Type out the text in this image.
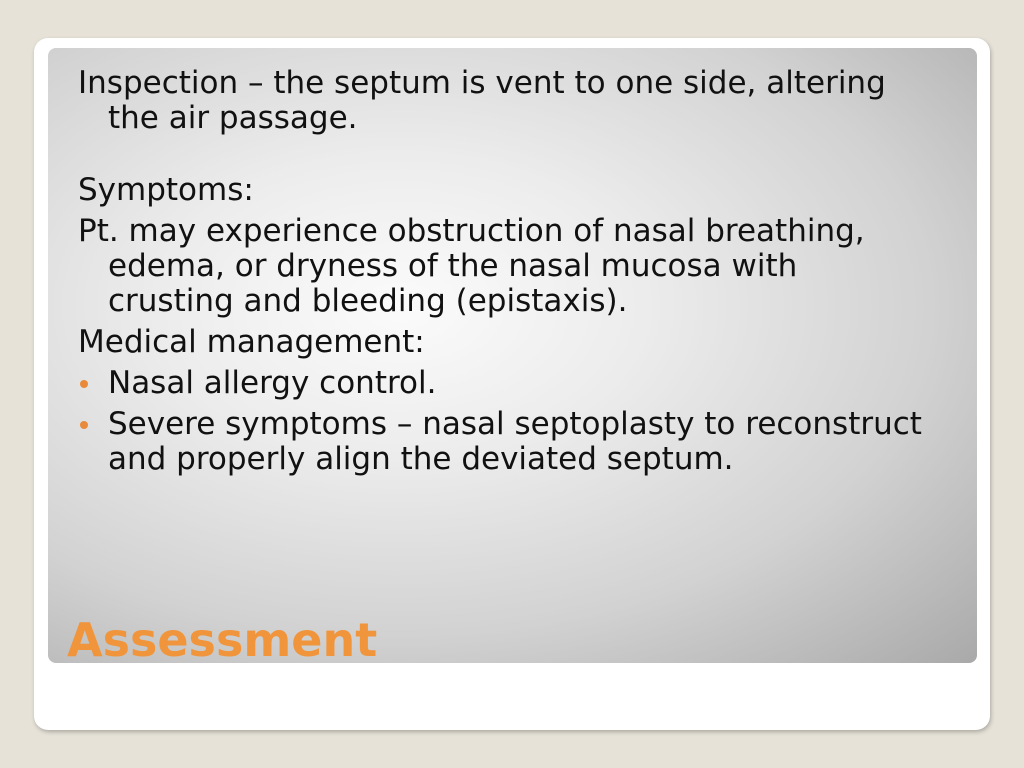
Inspection – the septum is vent to one side, altering the air passage.

Symptoms:

Pt. may experience obstruction of nasal breathing, edema, or dryness of the nasal mucosa with crusting and bleeding (epistaxis).

Medical management:

Nasal allergy control.
Severe symptoms – nasal septoplasty to reconstruct and properly align the deviated septum.
Assessment
